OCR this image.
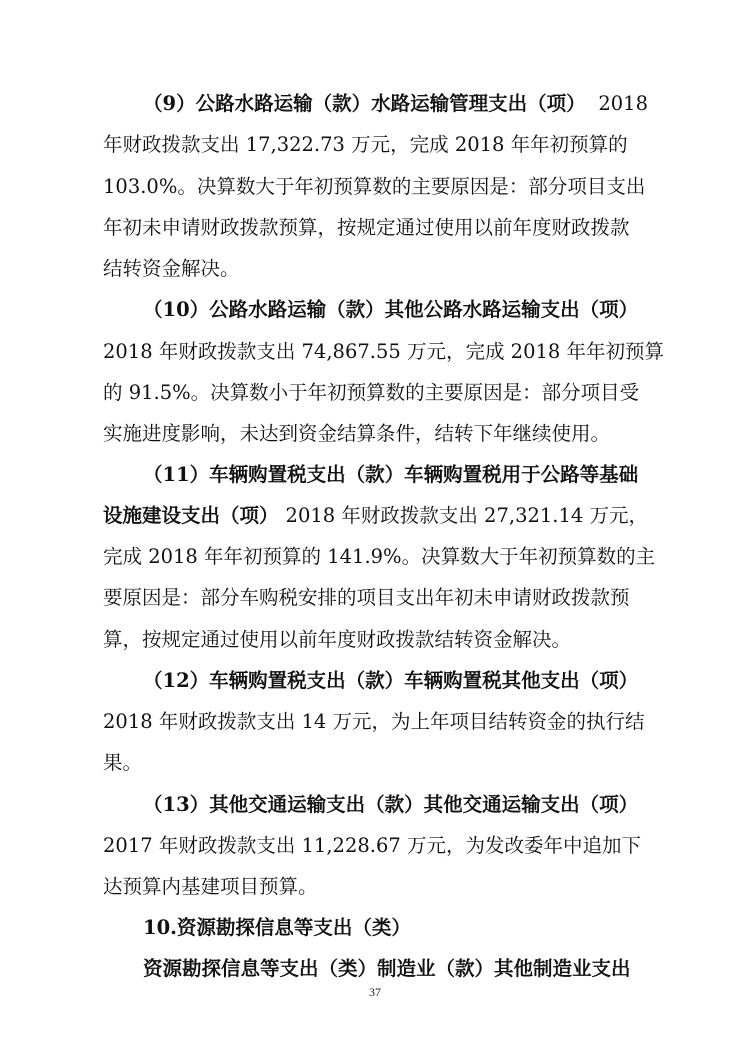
（9）公路水路运输（款）水路运输管理支出（项） 2018
年财政拨款支出 17,322.73 万元，完成 2018 年年初预算的
103.0%。决算数大于年初预算数的主要原因是：部分项目支出
年初未申请财政拨款预算，按规定通过使用以前年度财政拨款
结转资金解决。
（10）公路水路运输（款）其他公路水路运输支出（项）
2018 年财政拨款支出 74,867.55 万元，完成 2018 年年初预算
的 91.5%。决算数小于年初预算数的主要原因是：部分项目受
实施进度影响，未达到资金结算条件，结转下年继续使用。
（11）车辆购置税支出（款）车辆购置税用于公路等基础
设施建设支出（项） 2018 年财政拨款支出 27,321.14 万元，
完成 2018 年年初预算的 141.9%。决算数大于年初预算数的主
要原因是：部分车购税安排的项目支出年初未申请财政拨款预
算，按规定通过使用以前年度财政拨款结转资金解决。
（12）车辆购置税支出（款）车辆购置税其他支出（项）
2018 年财政拨款支出 14 万元，为上年项目结转资金的执行结
果。
（13）其他交通运输支出（款）其他交通运输支出（项）
2017 年财政拨款支出 11,228.67 万元，为发改委年中追加下
达预算内基建项目预算。
10.资源勘探信息等支出（类）
资源勘探信息等支出（类）制造业（款）其他制造业支出
37
